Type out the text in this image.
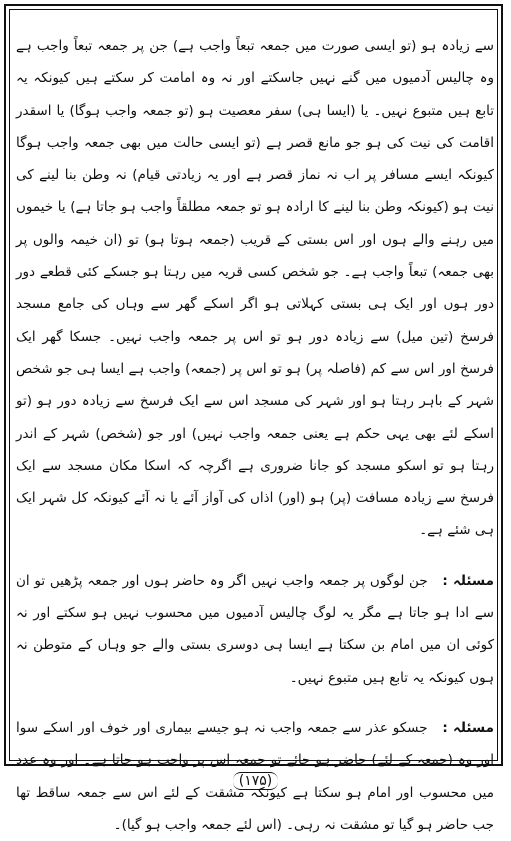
سے زیادہ ہو (تو ایسی صورت میں جمعہ تبعاً واجب ہے) جن پر جمعہ تبعاً واجب ہے وہ چالیس آدمیوں میں گنے نہیں جاسکتے اور نہ وہ امامت کر سکتے ہیں کیونکہ یہ تابع ہیں متبوع نہیں۔ یا (ایسا ہی) سفر معصیت ہو (تو جمعہ واجب ہوگا) یا اسقدر اقامت کی نیت کی ہو جو مانع قصر ہے (تو ایسی حالت میں بھی جمعہ واجب ہوگا کیونکہ ایسے مسافر پر اب نہ نماز قصر ہے اور یہ زیادتی قیام) نہ وطن بنا لینے کی نیت ہو (کیونکہ وطن بنا لینے کا ارادہ ہو تو جمعہ مطلقاً واجب ہو جاتا ہے) یا خیموں میں رہنے والے ہوں اور اس بستی کے قریب (جمعہ ہوتا ہو) تو (ان خیمہ والوں پر بھی جمعہ) تبعاً واجب ہے۔ جو شخص کسی قریہ میں رہتا ہو جسکے کئی قطعے دور دور ہوں اور ایک ہی بستی کہلاتی ہو اگر اسکے گھر سے وہاں کی جامع مسجد فرسخ (تین میل) سے زیادہ دور ہو تو اس پر جمعہ واجب نہیں۔ جسکا گھر ایک فرسخ اور اس سے کم (فاصلہ پر) ہو تو اس پر (جمعہ) واجب ہے ایسا ہی جو شخص شہر کے باہر رہتا ہو اور شہر کی مسجد اس سے ایک فرسخ سے زیادہ دور ہو (تو اسکے لئے بھی یہی حکم ہے یعنی جمعہ واجب نہیں) اور جو (شخص) شہر کے اندر رہتا ہو تو اسکو مسجد کو جانا ضروری ہے اگرچہ کہ اسکا مکان مسجد سے ایک فرسخ سے زیادہ مسافت (پر) ہو (اور) اذاں کی آواز آئے یا نہ آئے کیونکہ کل شہر ایک ہی شئے ہے۔

مسئلہ : جن لوگوں پر جمعہ واجب نہیں اگر وہ حاضر ہوں اور جمعہ پڑھیں تو ان سے ادا ہو جاتا ہے مگر یہ لوگ چالیس آدمیوں میں محسوب نہیں ہو سکتے اور نہ کوئی ان میں امام بن سکتا ہے ایسا ہی دوسری بستی والے جو وہاں کے متوطن نہ ہوں کیونکہ یہ تابع ہیں متبوع نہیں۔

مسئلہ : جسکو عذر سے جمعہ واجب نہ ہو جیسے بیماری اور خوف اور اسکے سوا اور وہ (جمعہ کے لئے) حاضر ہو جائے تو جمعہ اس پر واجب ہو جاتا ہے۔ اور وہ عدد میں محسوب اور امام ہو سکتا ہے کیونکہ مشقت کے لئے اس سے جمعہ ساقط تھا جب حاضر ہو گیا تو مشقت نہ رہی۔ (اس لئے جمعہ واجب ہو گیا)۔

(۱۷۵)
